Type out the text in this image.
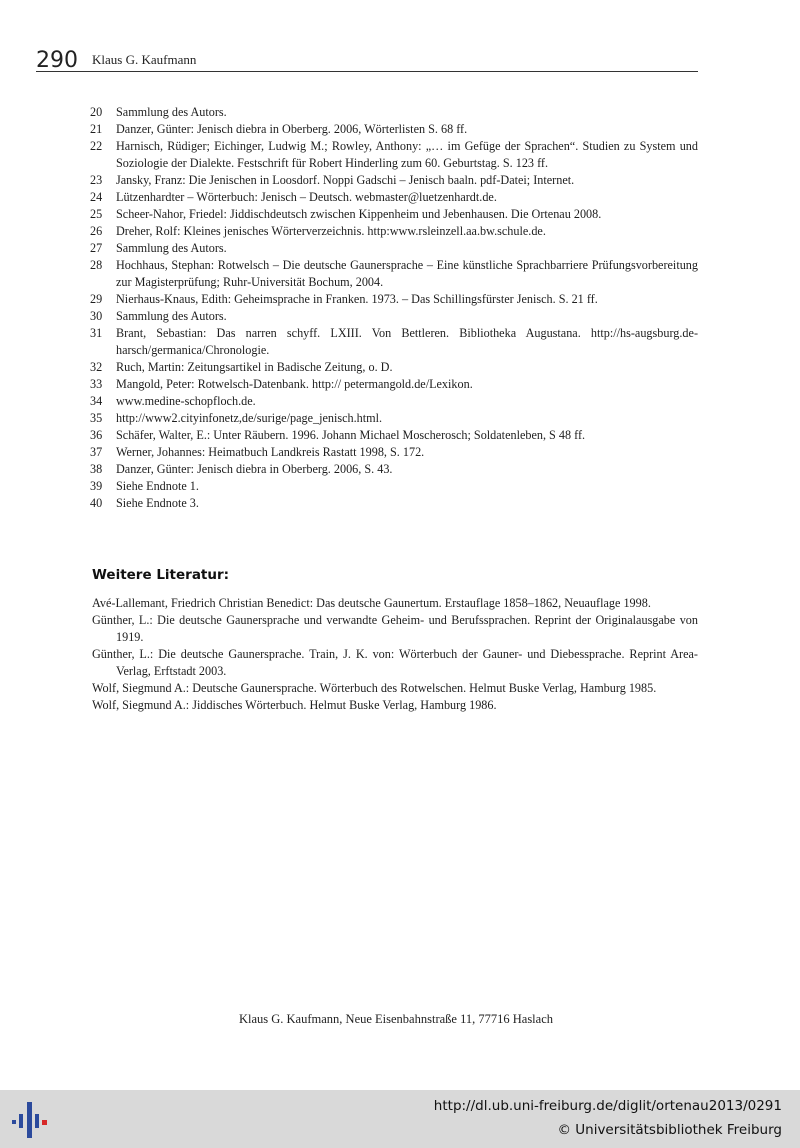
290 Klaus G. Kaufmann
20	Sammlung des Autors.
21	Danzer, Günter: Jenisch diebra in Oberberg. 2006, Wörterlisten S. 68 ff.
22	Harnisch, Rüdiger; Eichinger, Ludwig M.; Rowley, Anthony: „… im Gefüge der Sprachen“. Studien zu System und Soziologie der Dialekte. Festschrift für Robert Hinderling zum 60. Geburtstag. S. 123 ff.
23	Jansky, Franz: Die Jenischen in Loosdorf. Noppi Gadschi – Jenisch baaln. pdf-Datei; Internet.
24	Lützenhardter – Wörterbuch: Jenisch – Deutsch. webmaster@luetzenhardt.de.
25	Scheer-Nahor, Friedel: Jiddischdeutsch zwischen Kippenheim und Jebenhausen. Die Ortenau 2008.
26	Dreher, Rolf: Kleines jenisches Wörterverzeichnis. http:www.rsleinzell.aa.bw.schule.de.
27	Sammlung des Autors.
28	Hochhaus, Stephan: Rotwelsch – Die deutsche Gaunersprache – Eine künstliche Sprachbarriere Prüfungsvorbereitung zur Magisterprüfung; Ruhr-Universität Bochum, 2004.
29	Nierhaus-Knaus, Edith: Geheimsprache in Franken. 1973. – Das Schillingsfürster Jenisch. S. 21 ff.
30	Sammlung des Autors.
31	Brant, Sebastian: Das narren schyff. LXIII. Von Bettleren. Bibliotheka Augustana. http://hs-augsburg.de-harsch/germanica/Chronologie.
32	Ruch, Martin: Zeitungsartikel in Badische Zeitung, o. D.
33	Mangold, Peter: Rotwelsch-Datenbank. http:// petermangold.de/Lexikon.
34	www.medine-schopfloch.de.
35	http://www2.cityinfonetz,de/surige/page_jenisch.html.
36	Schäfer, Walter, E.: Unter Räubern. 1996. Johann Michael Moscherosch; Soldatenleben, S 48 ff.
37	Werner, Johannes: Heimatbuch Landkreis Rastatt 1998, S. 172.
38	Danzer, Günter: Jenisch diebra in Oberberg. 2006, S. 43.
39	Siehe Endnote 1.
40	Siehe Endnote 3.
Weitere Literatur:
Avé-Lallemant, Friedrich Christian Benedict: Das deutsche Gaunertum. Erstauflage 1858–1862, Neuauflage 1998.
Günther, L.: Die deutsche Gaunersprache und verwandte Geheim- und Berufssprachen. Reprint der Originalausgabe von 1919.
Günther, L.: Die deutsche Gaunersprache. Train, J. K. von: Wörterbuch der Gauner- und Diebessprache. Reprint Area-Verlag, Erftstadt 2003.
Wolf, Siegmund A.: Deutsche Gaunersprache. Wörterbuch des Rotwelschen. Helmut Buske Verlag, Hamburg 1985.
Wolf, Siegmund A.: Jiddisches Wörterbuch. Helmut Buske Verlag, Hamburg 1986.

Klaus G. Kaufmann, Neue Eisenbahnstraße 11, 77716 Haslach

http://dl.ub.uni-freiburg.de/diglit/ortenau2013/0291
© Universitätsbibliothek Freiburg
